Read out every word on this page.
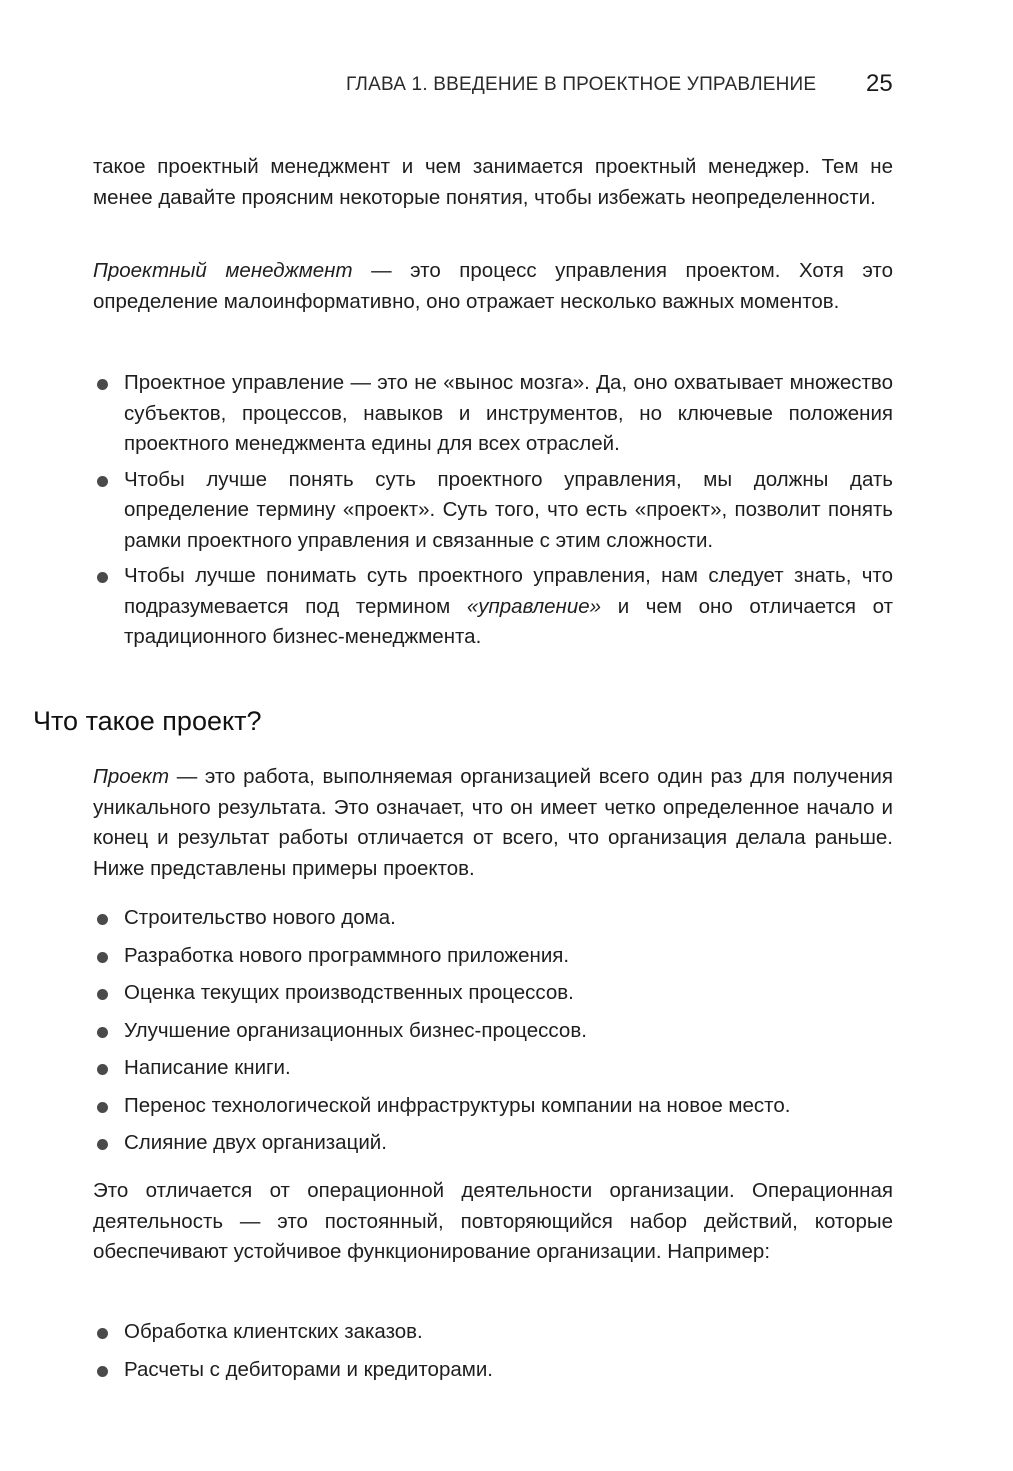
ГЛАВА 1. ВВЕДЕНИЕ В ПРОЕКТНОЕ УПРАВЛЕНИЕ 25

такое проектный менеджмент и чем занимается проектный менеджер. Тем не менее давайте проясним некоторые понятия, чтобы избежать неопределенности.

Проектный менеджмент — это процесс управления проектом. Хотя это определение малоинформативно, оно отражает несколько важных моментов.

Проектное управление — это не «вынос мозга». Да, оно охватывает множество субъектов, процессов, навыков и инструментов, но ключевые положения проектного менеджмента едины для всех отраслей.
Чтобы лучше понять суть проектного управления, мы должны дать определение термину «проект». Суть того, что есть «проект», позволит понять рамки проектного управления и связанные с этим сложности.
Чтобы лучше понимать суть проектного управления, нам следует знать, что подразумевается под термином «управление» и чем оно отличается от традиционного бизнес-менеджмента.
Что такое проект?

Проект — это работа, выполняемая организацией всего один раз для получения уникального результата. Это означает, что он имеет четко определенное начало и конец и результат работы отличается от всего, что организация делала раньше. Ниже представлены примеры проектов.

Строительство нового дома.
Разработка нового программного приложения.
Оценка текущих производственных процессов.
Улучшение организационных бизнес-процессов.
Написание книги.
Перенос технологической инфраструктуры компании на новое место.
Слияние двух организаций.

Это отличается от операционной деятельности организации. Операционная деятельность — это постоянный, повторяющийся набор действий, которые обеспечивают устойчивое функционирование организации. Например:

Обработка клиентских заказов.
Расчеты с дебиторами и кредиторами.
